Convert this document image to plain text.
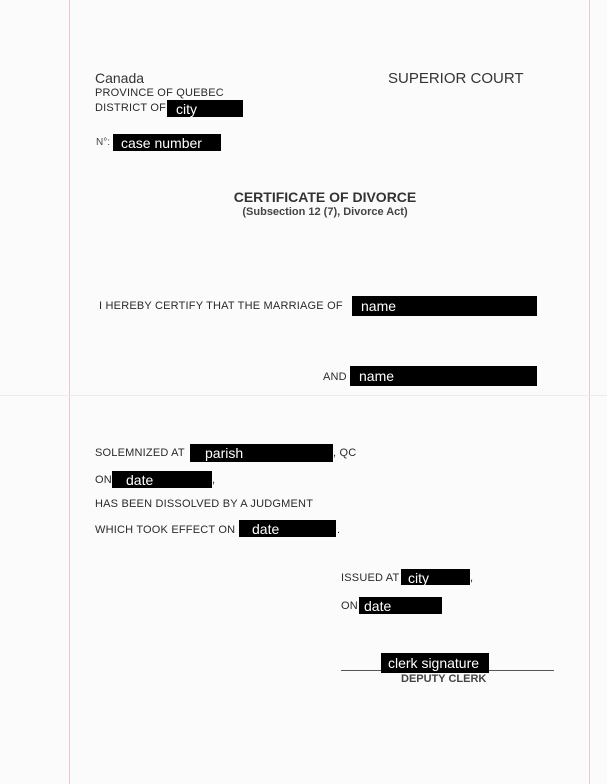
Canada
PROVINCE OF QUEBEC
DISTRICT OF city
SUPERIOR COURT
N°: case number
CERTIFICATE OF DIVORCE
(Subsection 12 (7), Divorce Act)
I HEREBY CERTIFY THAT THE MARRIAGE OF	name
AND name
SOLEMNIZED AT	parish	, QC
ON	date	,
HAS BEEN DISSOLVED BY A JUDGMENT
WHICH TOOK EFFECT ON	date	.
ISSUED AT city	,
ON date
clerk signature
DEPUTY CLERK
